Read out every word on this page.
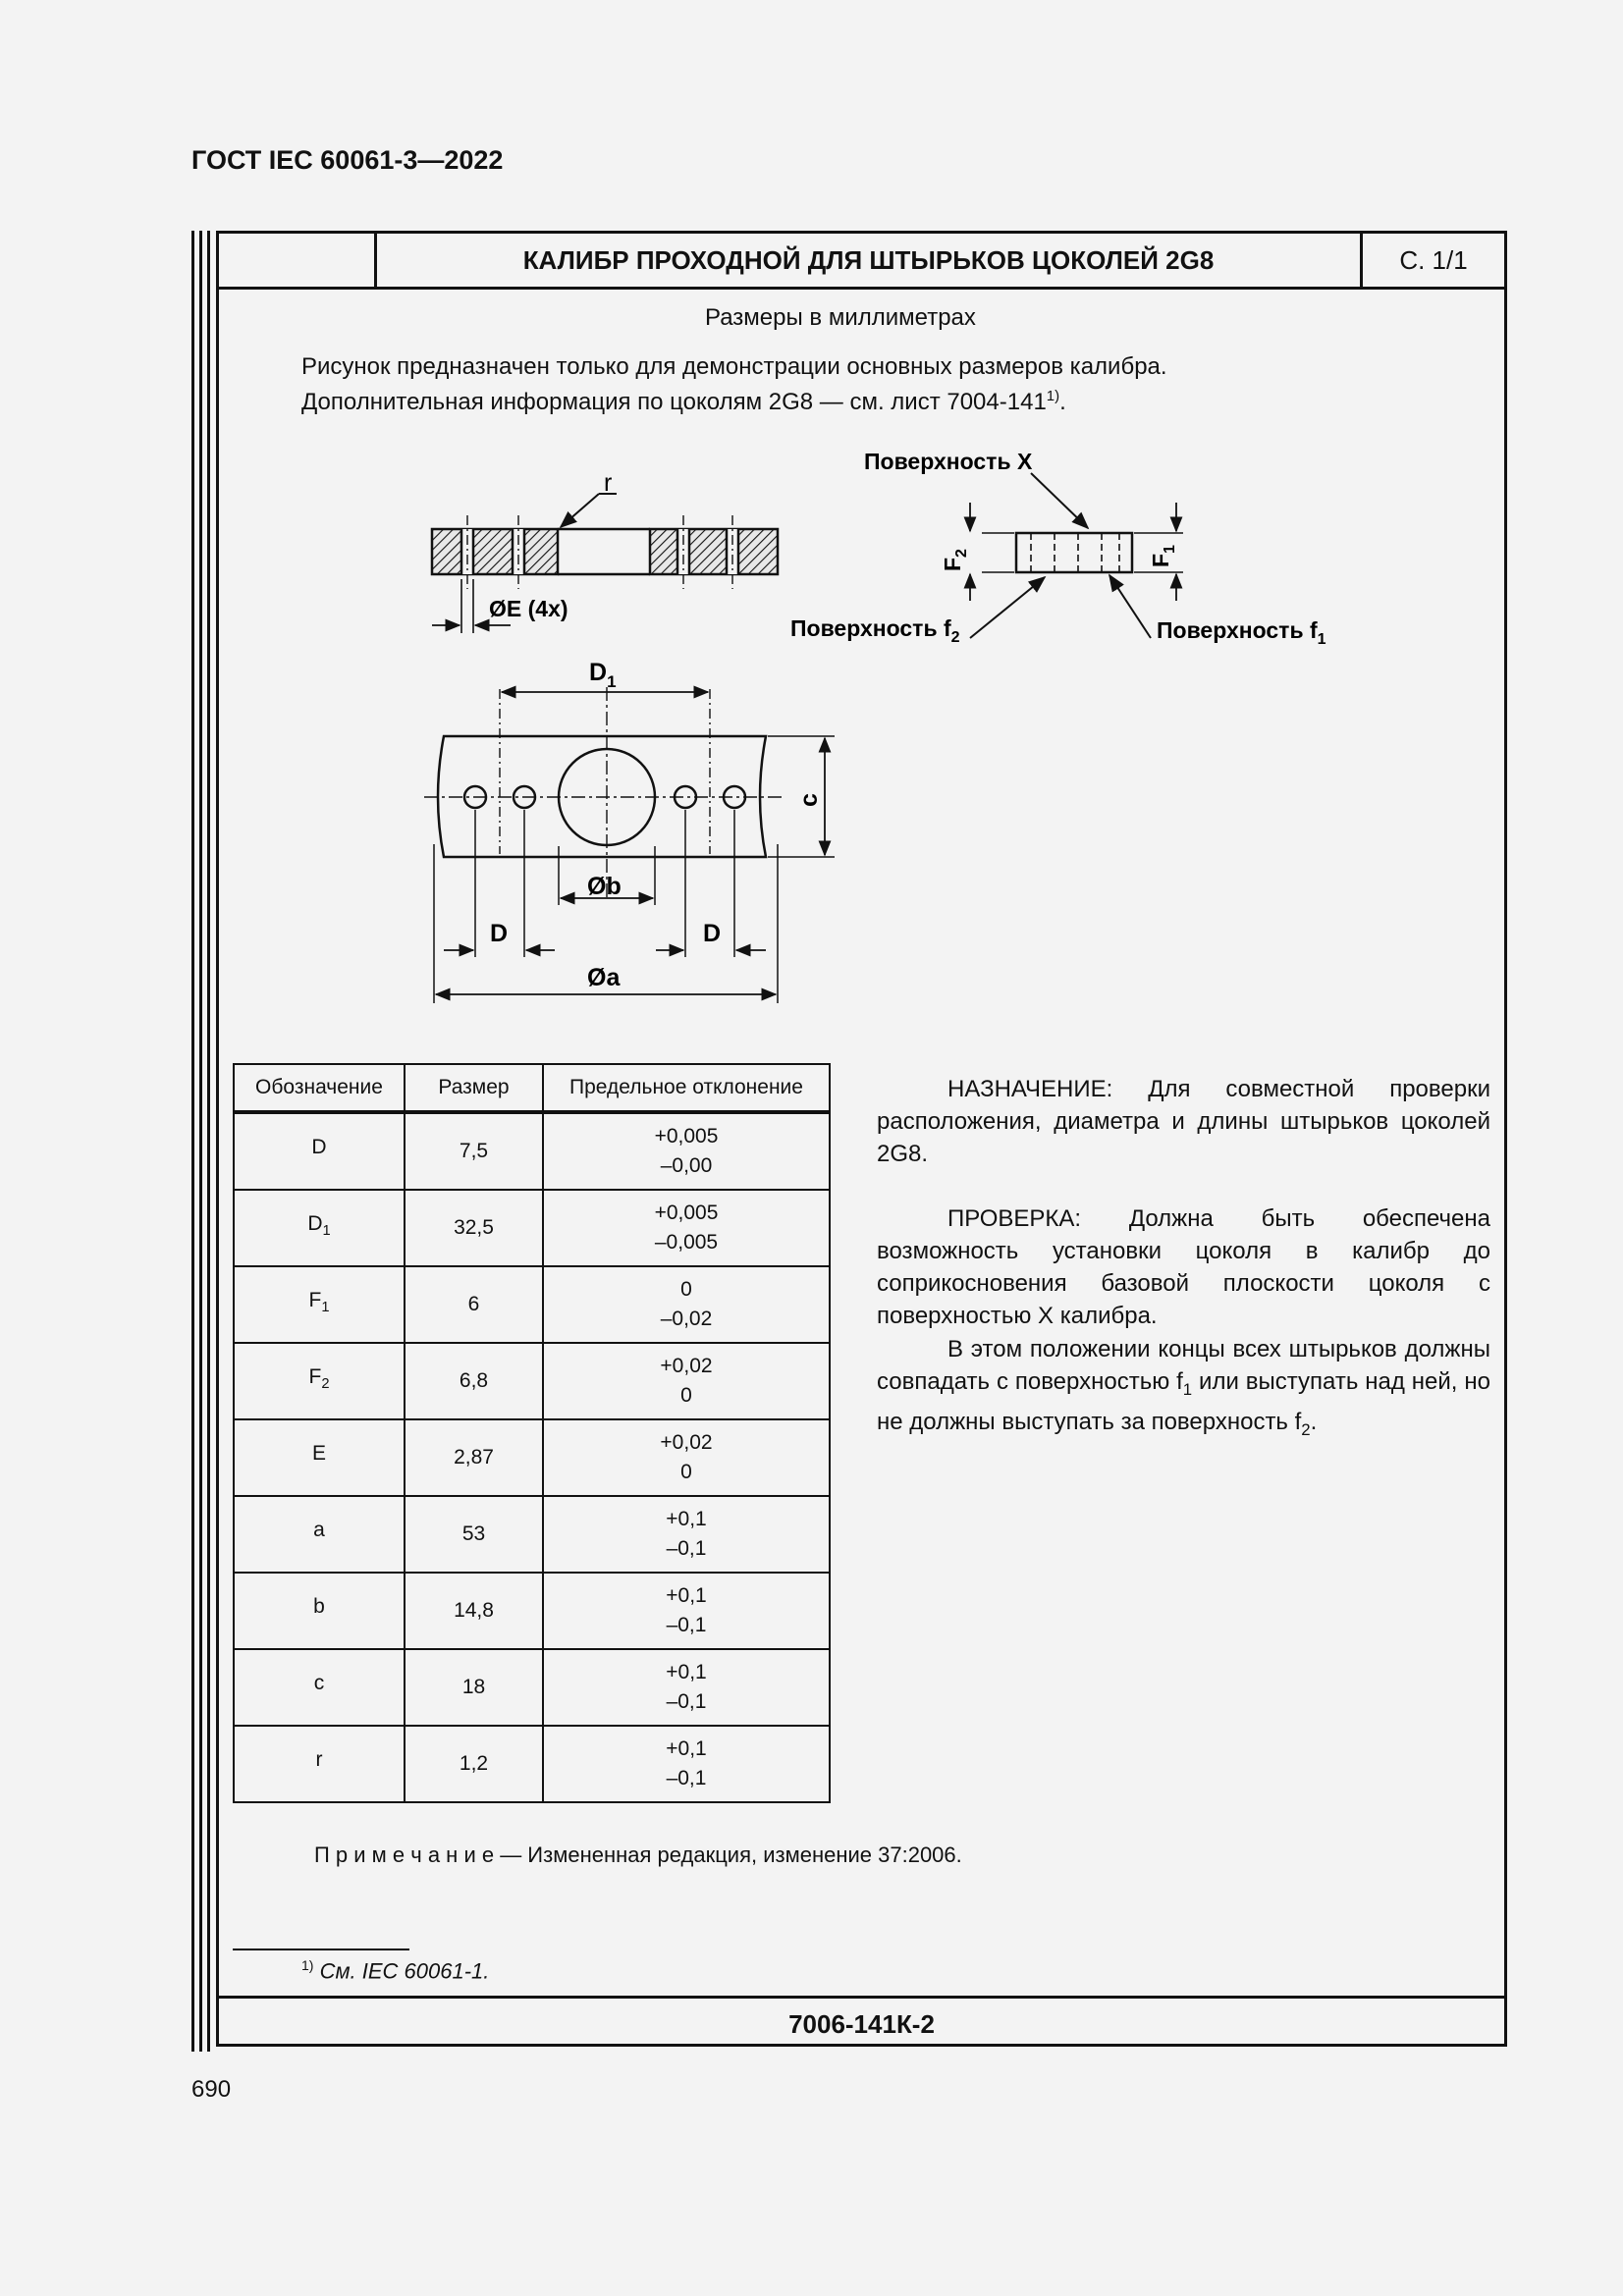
ГОСТ IEC 60061-3—2022
КАЛИБР ПРОХОДНОЙ ДЛЯ ШТЫРЬКОВ ЦОКОЛЕЙ 2G8	С. 1/1
7006-141К-2
Размеры в миллиметрах
Рисунок предназначен только для демонстрации основных размеров калибра.
Дополнительная информация по цоколям 2G8 — см. лист 7004-141$^{1)}$.
r
ØE (4x)
Поверхность X
Поверхность $f_2$	Поверхность $f_1$
$F_2$
$F_1$
$D_1$
c
Øb
D	D
Øa
Обозначение	Размер	Предельное отклонение
D	7,5	+0,005
–0,00

$D_1$	32,5	+0,005
–0,005

$F_1$	6	0
–0,02

$F_2$	6,8	+0,02
0

E	2,87	+0,02
0

a	53	+0,1
–0,1

b	14,8	+0,1
–0,1

c	18	+0,1
–0,1

r	1,2	+0,1
–0,1
НАЗНАЧЕНИЕ: Для совместной проверки расположения, диаметра и длины штырьков цоколей 2G8.
ПРОВЕРКА: Должна быть обеспечена возможность установки цоколя в калибр до соприкосновения базовой плоскости цоколя с поверхностью X калибра.
В этом положении концы всех штырьков должны совпадать с поверхностью $f_1$ или выступать над ней, но не должны выступать за поверхность $f_2$.
П р и м е ч а н и е — Измененная редакция, изменение 37:2006.
$^{1)}$ См. IEC 60061-1.
690
